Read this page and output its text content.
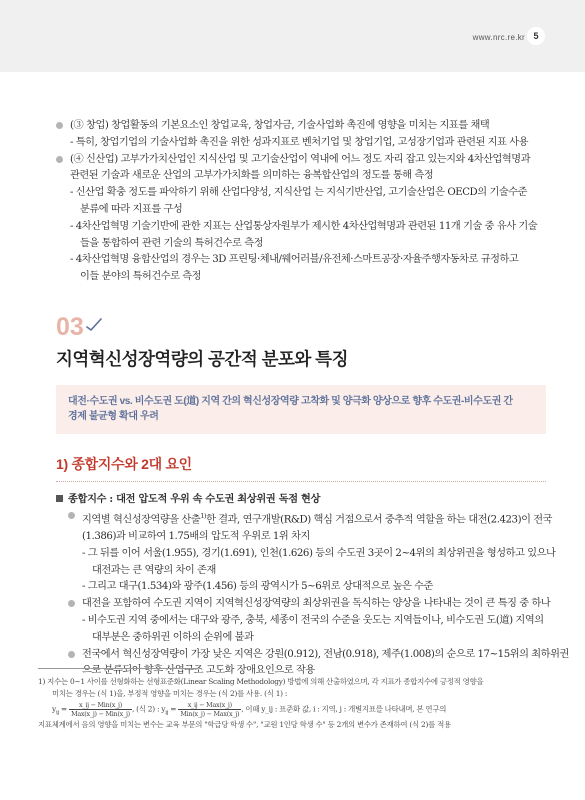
www.nrc.re.kr 5
(③ 창업) 창업활동의 기본요소인 창업교육, 창업자금, 기술사업화 촉진에 영향을 미치는 지표를 채택
- 특히, 창업기업의 기술사업화 촉진을 위한 성과지표로 벤처기업 및 창업기업, 고성장기업과 관련된 지표 사용
(④ 신산업) 고부가가치산업인 지식산업 및 고기술산업이 역내에 어느 정도 자리 잡고 있는지와 4차산업혁명과
관련된 기술과 새로운 산업의 고부가가치화를 의미하는 융복합산업의 정도를 통해 측정
- 신산업 확충 정도를 파악하기 위해 산업다양성, 지식산업 는 지식기반산업, 고기술산업은 OECD의 기술수준
분류에 따라 지표를 구성
- 4차산업혁명 기술기반에 관한 지표는 산업통상자원부가 제시한 4차산업혁명과 관련된 11개 기술 중 유사 기술
들을 통합하여 관련 기술의 특허건수로 측정
- 4차산업혁명 융합산업의 경우는 3D 프린팅·체내/웨어러블/유전체·스마트공장·자율주행자동차로 규정하고
이들 분야의 특허건수로 측정
03
지역혁신성장역량의 공간적 분포와 특징
대전·수도권 vs. 비수도권 도(道) 지역 간의 혁신성장역량 고착화 및 양극화 양상으로 향후 수도권-비수도권 간
경제 불균형 확대 우려
1) 종합지수와 2대 요인
종합지수 : 대전 압도적 우위 속 수도권 최상위권 독점 현상
지역별 혁신성장역량을 산출$^{1)}$한 결과, 연구개발(R&D) 핵심 거점으로서 중추적 역할을 하는 대전(2.423)이 전국
(1.386)과 비교하여 1.75배의 압도적 우위로 1위 차지
- 그 뒤를 이어 서울(1.955), 경기(1.691), 인천(1.626) 등의 수도권 3곳이 2~4위의 최상위권을 형성하고 있으나
대전과는 큰 역량의 차이 존재
- 그리고 대구(1.534)와 광주(1.456) 등의 광역시가 5~6위로 상대적으로 높은 수준
대전을 포함하여 수도권 지역이 지역혁신성장역량의 최상위권을 독식하는 양상을 나타내는 것이 큰 특징 중 하나
- 비수도권 지역 중에서는 대구와 광주, 충북, 세종이 전국의 수준을 웃도는 지역들이나, 비수도권 도(道) 지역의
대부분은 중하위권 이하의 순위에 불과
전국에서 혁신성장역량이 가장 낮은 지역은 강원(0.912), 전남(0.918), 제주(1.008)의 순으로 17~15위의 최하위권
으로 분류되어 향후 산업구조 고도화 장애요인으로 작용
1) 지수는 0~1 사이를 선형화하는 선형표준화(Linear Scaling Methodology) 방법에 의해 산출하였으며, 각 지표가 종합지수에 긍정적 영향을
미치는 경우는 (식 1)을, 부정적 영향을 미치는 경우는 (식 2)를 사용. (식 1) :
$y_{ij}$ =	x_ij − Min(x_j)
Max(x_j) − Min(x_j)
, (식 2) : $y_{ij}$ =	x_ij − Max(x_j)
Min(x_j) − Max(x_j)
, 이때 y_ij : 표준화 값, i : 지역, j : 개별지표를 나타내며, 본 연구의
지표체계에서 음의 영향을 미치는 변수는 교육 부문의 "학급당 학생 수", "교원 1인당 학생 수" 등 2개의 변수가 존재하여 (식 2)를 적용
